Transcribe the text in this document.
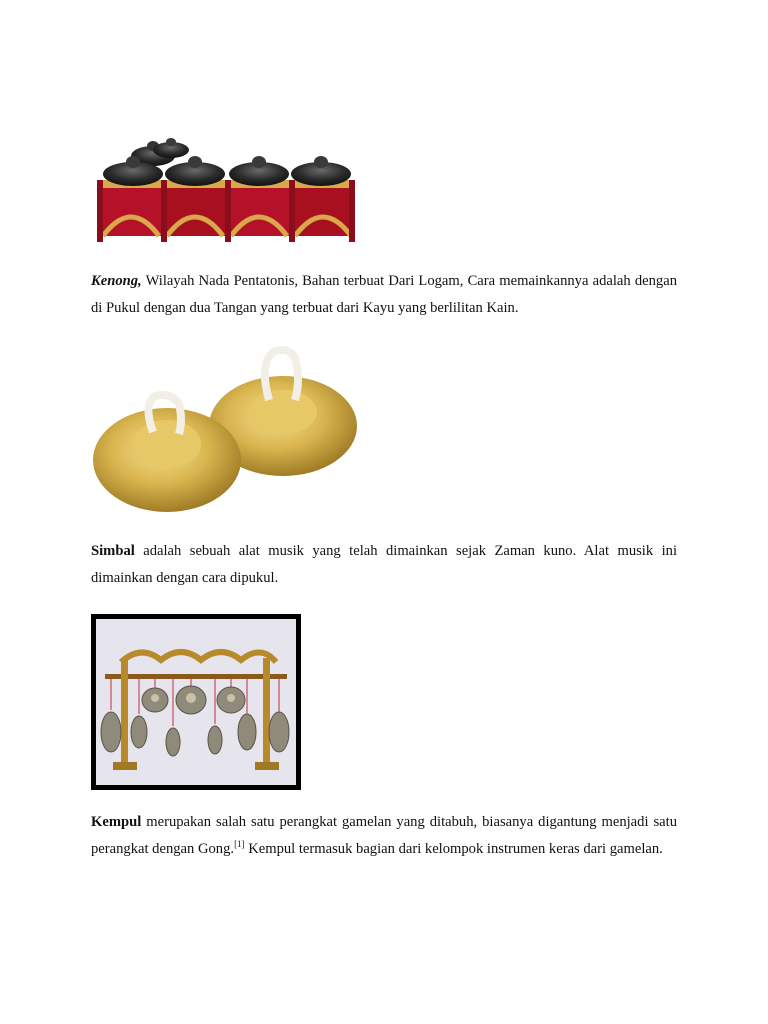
Kenong, Wilayah Nada Pentatonis, Bahan terbuat Dari Logam, Cara memainkannya adalah dengan di Pukul dengan dua Tangan yang terbuat dari Kayu yang berlilitan Kain.

Simbal adalah sebuah alat musik yang telah dimainkan sejak Zaman kuno. Alat musik ini dimainkan dengan cara dipukul.

Kempul merupakan salah satu perangkat gamelan yang ditabuh, biasanya digantung menjadi satu perangkat dengan Gong.[1] Kempul termasuk bagian dari kelompok instrumen keras dari gamelan.
